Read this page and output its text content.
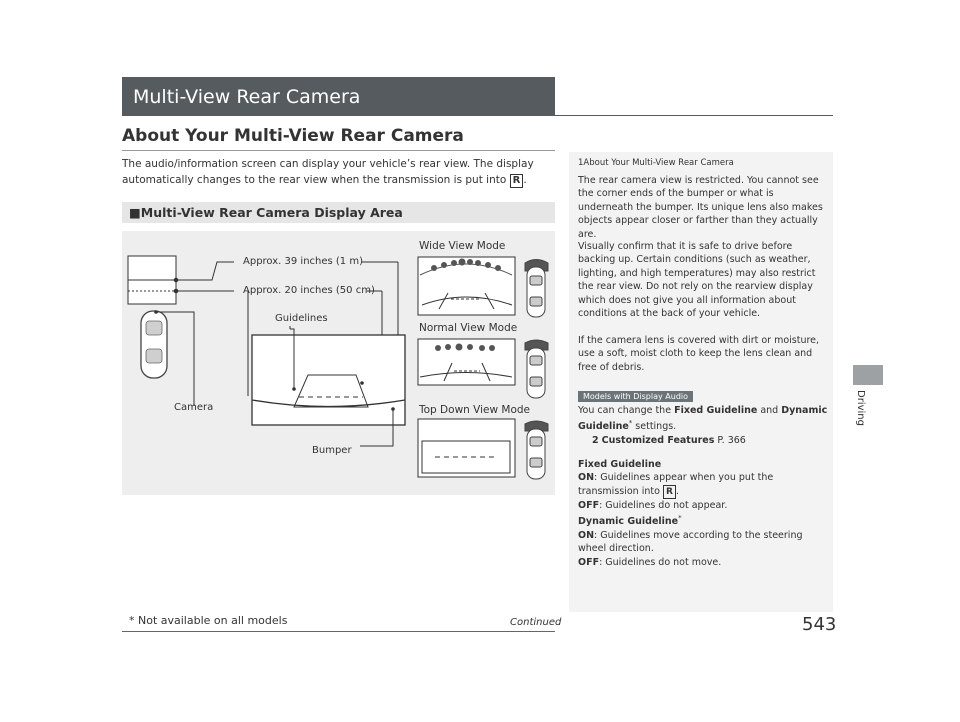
Multi-View Rear Camera
About Your Multi-View Rear Camera
The audio/information screen can display your vehicle’s rear view. The display
automatically changes to the rear view when the transmission is put into R .
■Multi-View Rear Camera Display Area
Approx. 39 inches (1 m)
Approx. 20 inches (50 cm)
Guidelines
Camera
Bumper
Wide View Mode
Normal View Mode
Top Down View Mode
1About Your Multi-View Rear Camera
The rear camera view is restricted. You cannot see the corner ends of the bumper or what is underneath the bumper. Its unique lens also makes objects appear closer or farther than they actually are.
Visually confirm that it is safe to drive before backing up. Certain conditions (such as weather, lighting, and high temperatures) may also restrict the rear view. Do not rely on the rearview display which does not give you all information about conditions at the back of your vehicle.
If the camera lens is covered with dirt or moisture, use a soft, moist cloth to keep the lens clean and free of debris.
Models with Display Audio
You can change the Fixed Guideline and Dynamic Guideline* settings.
2 Customized Features P. 366
Fixed Guideline
ON: Guidelines appear when you put the transmission into R .
OFF: Guidelines do not appear.
Dynamic Guideline*
ON: Guidelines move according to the steering wheel direction.
OFF: Guidelines do not move.
Driving
* Not available on all models	Continued	543
